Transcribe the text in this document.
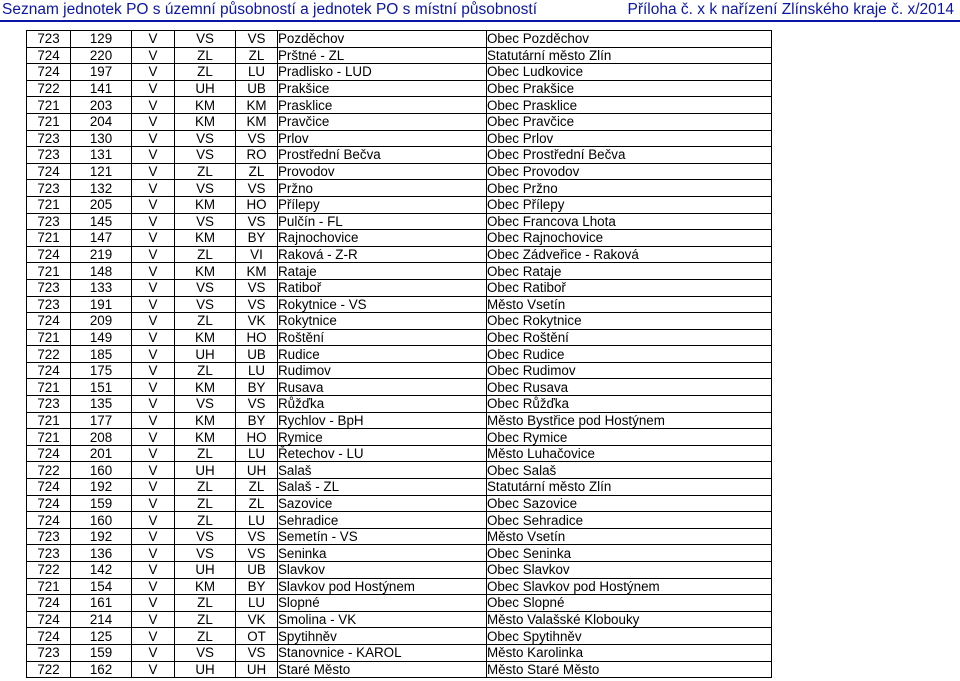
Seznam jednotek PO s územní působností a jednotek PO s místní působností	Příloha č. x k nařízení Zlínského kraje č. x/2014
723	129	V	VS	VS	Pozděchov	Obec Pozděchov
724	220	V	ZL	ZL	Prštné - ZL	Statutární město Zlín
724	197	V	ZL	LU	Pradlisko - LUD	Obec Ludkovice
722	141	V	UH	UB	Prakšice	Obec Prakšice
721	203	V	KM	KM	Prasklice	Obec Prasklice
721	204	V	KM	KM	Pravčice	Obec Pravčice
723	130	V	VS	VS	Prlov	Obec Prlov
723	131	V	VS	RO	Prostřední Bečva	Obec Prostřední Bečva
724	121	V	ZL	ZL	Provodov	Obec Provodov
723	132	V	VS	VS	Pržno	Obec Pržno
721	205	V	KM	HO	Přílepy	Obec Přílepy
723	145	V	VS	VS	Pulčín - FL	Obec Francova Lhota
721	147	V	KM	BY	Rajnochovice	Obec Rajnochovice
724	219	V	ZL	VI	Raková - Z-R	Obec Zádveřice - Raková
721	148	V	KM	KM	Rataje	Obec Rataje
723	133	V	VS	VS	Ratiboř	Obec Ratiboř
723	191	V	VS	VS	Rokytnice - VS	Město Vsetín
724	209	V	ZL	VK	Rokytnice	Obec Rokytnice
721	149	V	KM	HO	Roštění	Obec Roštění
722	185	V	UH	UB	Rudice	Obec Rudice
724	175	V	ZL	LU	Rudimov	Obec Rudimov
721	151	V	KM	BY	Rusava	Obec Rusava
723	135	V	VS	VS	Růžďka	Obec Růžďka
721	177	V	KM	BY	Rychlov - BpH	Město Bystřice pod Hostýnem
721	208	V	KM	HO	Rymice	Obec Rymice
724	201	V	ZL	LU	Řetechov - LU	Město Luhačovice
722	160	V	UH	UH	Salaš	Obec Salaš
724	192	V	ZL	ZL	Salaš - ZL	Statutární město Zlín
724	159	V	ZL	ZL	Sazovice	Obec Sazovice
724	160	V	ZL	LU	Sehradice	Obec Sehradice
723	192	V	VS	VS	Semetín - VS	Město Vsetín
723	136	V	VS	VS	Seninka	Obec Seninka
722	142	V	UH	UB	Slavkov	Obec Slavkov
721	154	V	KM	BY	Slavkov pod Hostýnem	Obec Slavkov pod Hostýnem
724	161	V	ZL	LU	Slopné	Obec Slopné
724	214	V	ZL	VK	Smolina - VK	Město Valašské Klobouky
724	125	V	ZL	OT	Spytihněv	Obec Spytihněv
723	159	V	VS	VS	Stanovnice - KAROL	Město Karolinka
722	162	V	UH	UH	Staré Město	Město Staré Město
